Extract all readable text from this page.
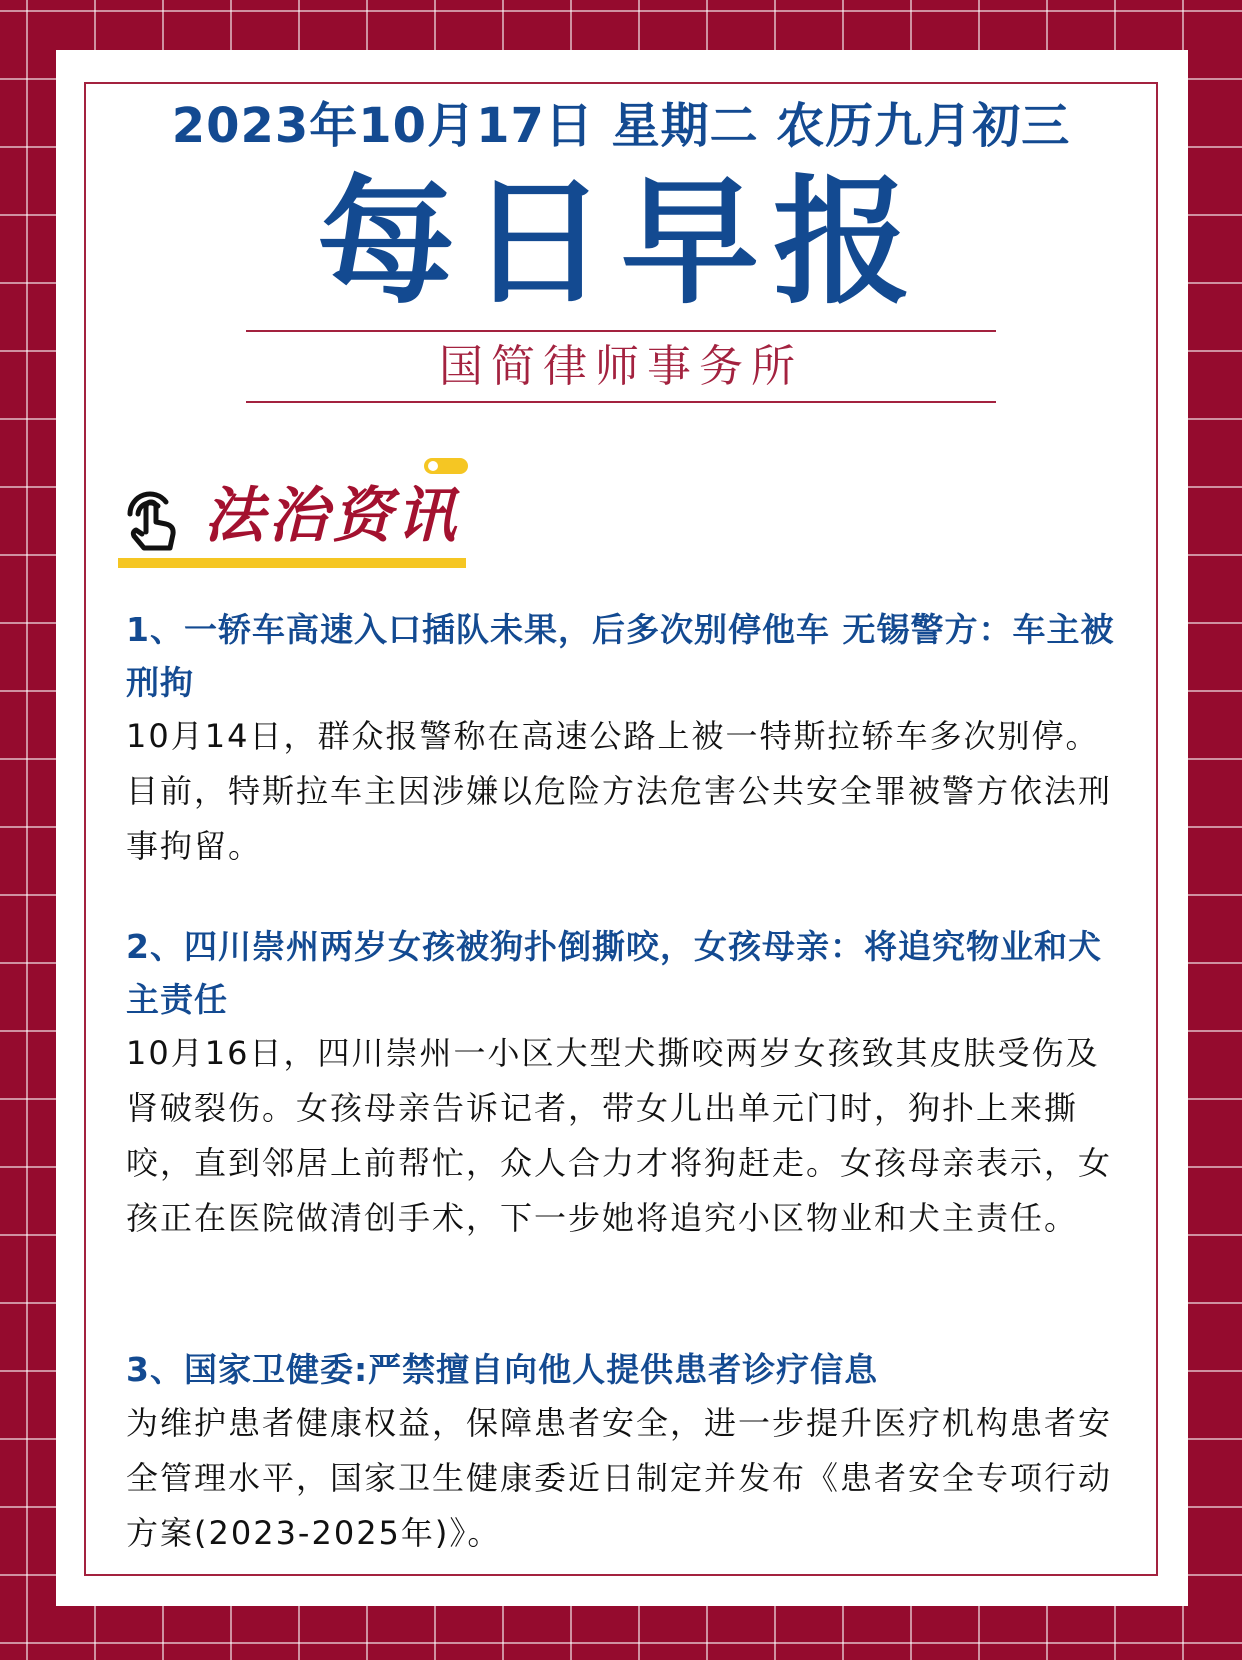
2023年10月17日 星期二 农历九月初三
每日早报
国简律师事务所
法治资讯
1、一轿车高速入口插队未果，后多次别停他车 无锡警方：车主被刑拘

10月14日，群众报警称在高速公路上被一特斯拉轿车多次别停。目前，特斯拉车主因涉嫌以危险方法危害公共安全罪被警方依法刑事拘留。

2、四川崇州两岁女孩被狗扑倒撕咬，女孩母亲：将追究物业和犬主责任

10月16日，四川崇州一小区大型犬撕咬两岁女孩致其皮肤受伤及肾破裂伤。女孩母亲告诉记者，带女儿出单元门时，狗扑上来撕咬，直到邻居上前帮忙，众人合力才将狗赶走。女孩母亲表示，女孩正在医院做清创手术，下一步她将追究小区物业和犬主责任。

3、国家卫健委:严禁擅自向他人提供患者诊疗信息

为维护患者健康权益，保障患者安全，进一步提升医疗机构患者安全管理水平，国家卫生健康委近日制定并发布《患者安全专项行动方案(2023-2025年)》。
